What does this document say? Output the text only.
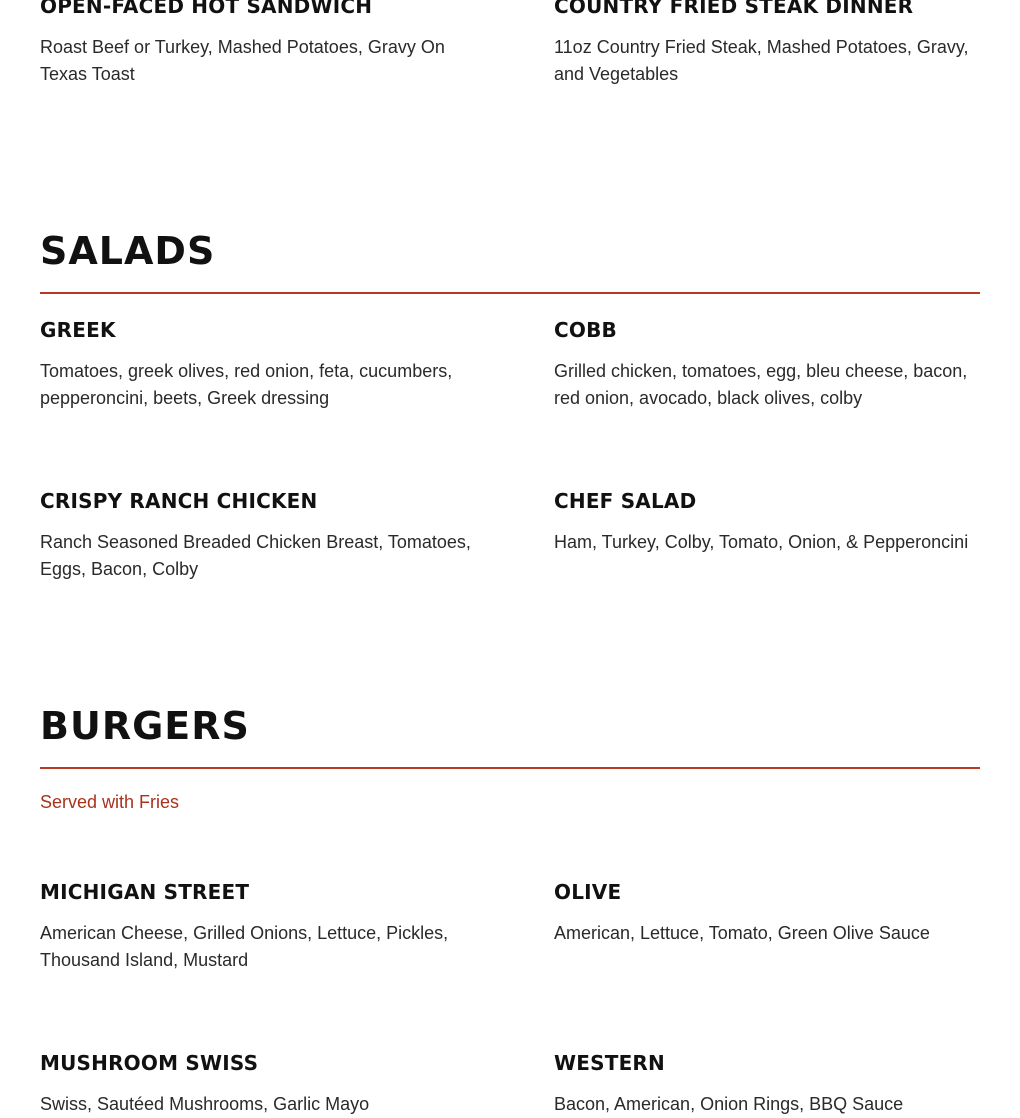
OPEN-FACED HOT SANDWICH

Roast Beef or Turkey, Mashed Potatoes, Gravy On Texas Toast

COUNTRY FRIED STEAK DINNER

11oz Country Fried Steak, Mashed Potatoes, Gravy, and Vegetables

SALADS
GREEK

Tomatoes, greek olives, red onion, feta, cucumbers, pepperoncini, beets, Greek dressing

COBB

Grilled chicken, tomatoes, egg, bleu cheese, bacon, red onion, avocado, black olives, colby

CRISPY RANCH CHICKEN

Ranch Seasoned Breaded Chicken Breast, Tomatoes, Eggs, Bacon, Colby

CHEF SALAD

Ham, Turkey, Colby, Tomato, Onion, & Pepperoncini

BURGERS

Served with Fries

MICHIGAN STREET

American Cheese, Grilled Onions, Lettuce, Pickles, Thousand Island, Mustard

OLIVE

American, Lettuce, Tomato, Green Olive Sauce

MUSHROOM SWISS

Swiss, Sautéed Mushrooms, Garlic Mayo

WESTERN

Bacon, American, Onion Rings, BBQ Sauce
